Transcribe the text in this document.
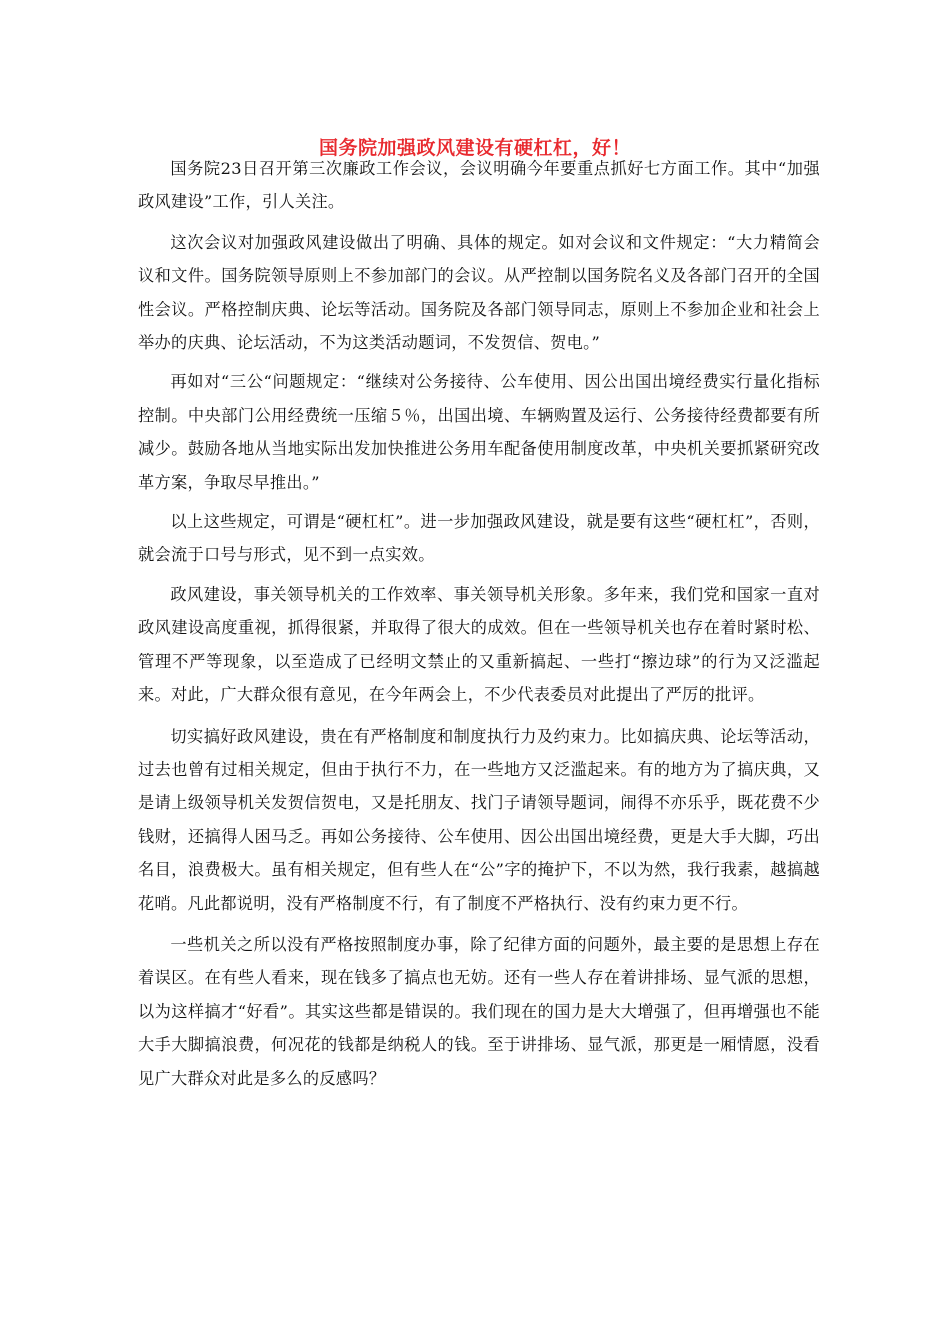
国务院加强政风建设有硬杠杠，好！

国务院23日召开第三次廉政工作会议，会议明确今年要重点抓好七方面工作。其中“加强政风建设”工作，引人关注。

这次会议对加强政风建设做出了明确、具体的规定。如对会议和文件规定：“大力精简会议和文件。国务院领导原则上不参加部门的会议。从严控制以国务院名义及各部门召开的全国性会议。严格控制庆典、论坛等活动。国务院及各部门领导同志，原则上不参加企业和社会上举办的庆典、论坛活动，不为这类活动题词，不发贺信、贺电。”

再如对“三公“问题规定：“继续对公务接待、公车使用、因公出国出境经费实行量化指标控制。中央部门公用经费统一压缩５％，出国出境、车辆购置及运行、公务接待经费都要有所减少。鼓励各地从当地实际出发加快推进公务用车配备使用制度改革，中央机关要抓紧研究改革方案，争取尽早推出。”

以上这些规定，可谓是“硬杠杠”。进一步加强政风建设，就是要有这些“硬杠杠”，否则，就会流于口号与形式，见不到一点实效。

政风建设，事关领导机关的工作效率、事关领导机关形象。多年来，我们党和国家一直对政风建设高度重视，抓得很紧，并取得了很大的成效。但在一些领导机关也存在着时紧时松、管理不严等现象，以至造成了已经明文禁止的又重新搞起、一些打“擦边球”的行为又泛滥起来。对此，广大群众很有意见，在今年两会上，不少代表委员对此提出了严厉的批评。

切实搞好政风建设，贵在有严格制度和制度执行力及约束力。比如搞庆典、论坛等活动，过去也曾有过相关规定，但由于执行不力，在一些地方又泛滥起来。有的地方为了搞庆典，又是请上级领导机关发贺信贺电，又是托朋友、找门子请领导题词，闹得不亦乐乎，既花费不少钱财，还搞得人困马乏。再如公务接待、公车使用、因公出国出境经费，更是大手大脚，巧出名目，浪费极大。虽有相关规定，但有些人在“公”字的掩护下，不以为然，我行我素，越搞越花哨。凡此都说明，没有严格制度不行，有了制度不严格执行、没有约束力更不行。

一些机关之所以没有严格按照制度办事，除了纪律方面的问题外，最主要的是思想上存在着误区。在有些人看来，现在钱多了搞点也无妨。还有一些人存在着讲排场、显气派的思想，以为这样搞才“好看”。其实这些都是错误的。我们现在的国力是大大增强了，但再增强也不能大手大脚搞浪费，何况花的钱都是纳税人的钱。至于讲排场、显气派，那更是一厢情愿，没看见广大群众对此是多么的反感吗？
